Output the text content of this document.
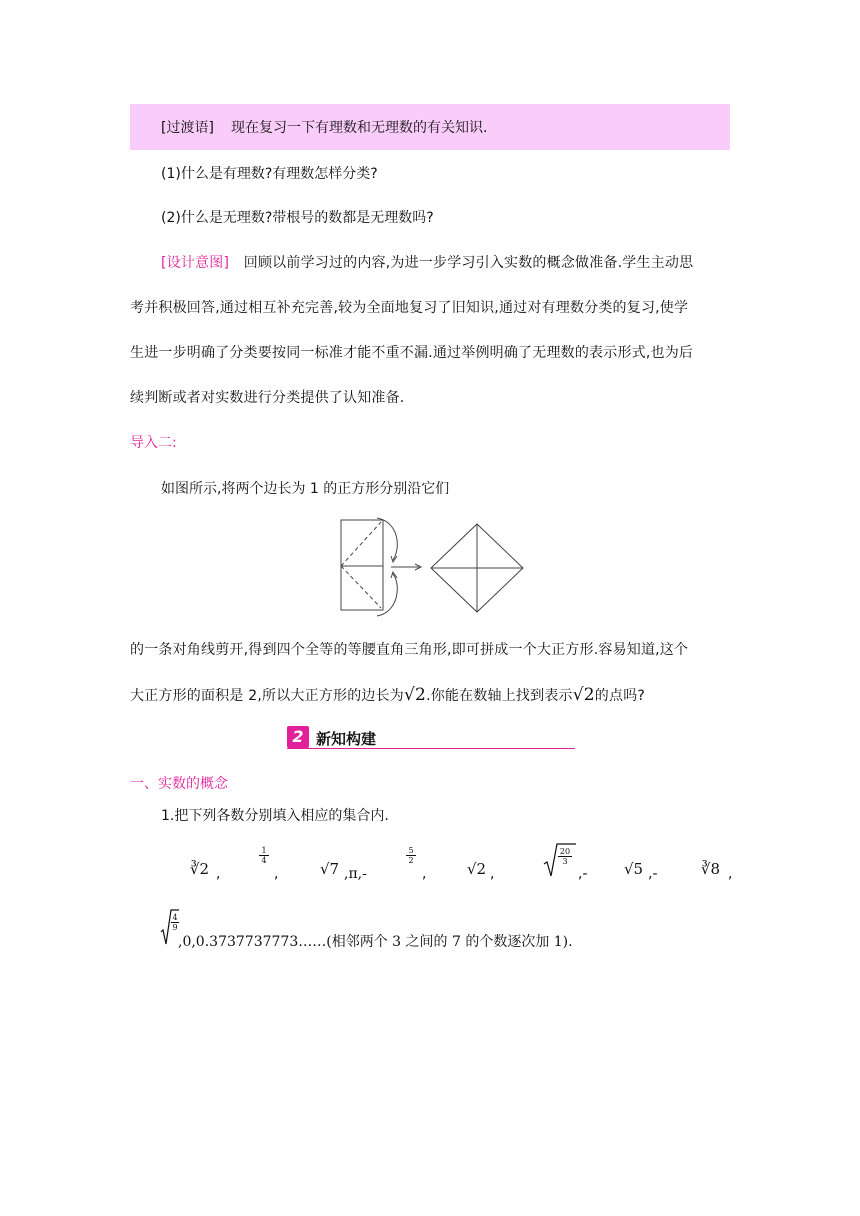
[过渡语] 现在复习一下有理数和无理数的有关知识.
(1)什么是有理数?有理数怎样分类?
(2)什么是无理数?带根号的数都是无理数吗?
[设计意图] 回顾以前学习过的内容,为进一步学习引入实数的概念做准备.学生主动思
考并积极回答,通过相互补充完善,较为全面地复习了旧知识,通过对有理数分类的复习,使学
生进一步明确了分类要按同一标准才能不重不漏.通过举例明确了无理数的表示形式,也为后
续判断或者对实数进行分类提供了认知准备.
导入二:
如图所示,将两个边长为 1 的正方形分别沿它们
的一条对角线剪开,得到四个全等的等腰直角三角形,即可拼成一个大正方形.容易知道,这个
大正方形的面积是 2,所以大正方形的边长为√2.你能在数轴上找到表示√2的点吗?
2 新知构建
一、实数的概念
1.把下列各数分别填入相应的集合内.
∛2 ,
$\frac{1}{4}$
,	√7 ,π,-
$\frac{5}{2}$
,	√2 ,
$\frac{20}{3}$
,- √5 ,-	∛8 ,
$\frac{4}{9}$
,0,0.3737737773……(相邻两个 3 之间的 7 的个数逐次加 1).
